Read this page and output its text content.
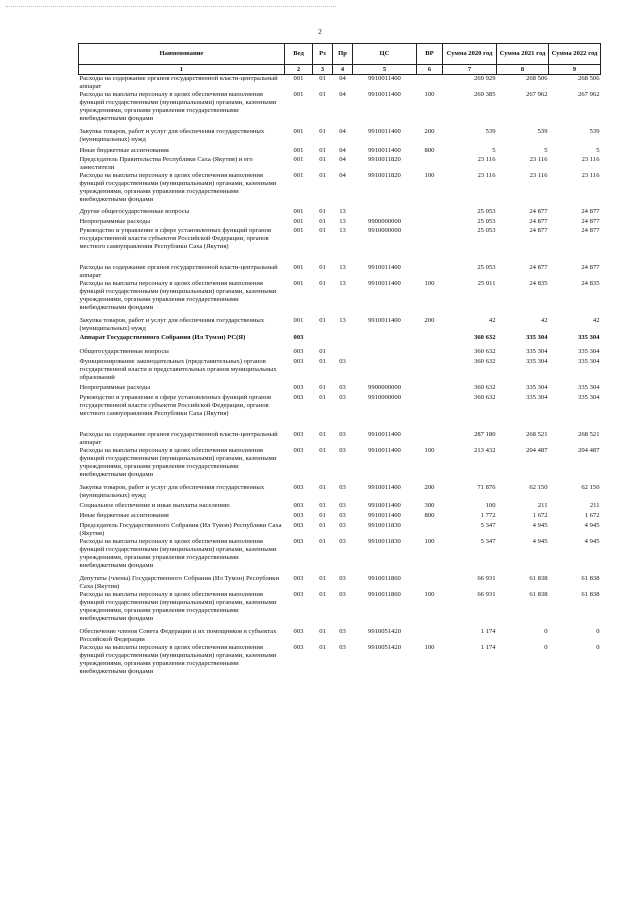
2
Наименование	Вед	Рз	Пр	ЦС	ВР	Сумма 2020 год	Сумма 2021 год	Сумма 2022 год
1	2	3	4	5	6	7	8	9
Расходы на содержание органов государственной власти-центральный аппарат	001	01	04	9910011400		269 929	268 506	268 506
Расходы на выплаты персоналу в целях обеспечения выполнения функций государственными (муниципальными) органами, казенными учреждениями, органами управления государственными внебюджетными фондами	001	01	04	9910011400	100	269 385	267 962	267 962
Закупка товаров, работ и услуг для обеспечения государственных (муниципальных) нужд	001	01	04	9910011400	200	539	539	539
Иные бюджетные ассигнования	001	01	04	9910011400	800	5	5	5
Председатель Правительства Республики Саха (Якутия) и его заместители	001	01	04	9910011820		23 116	23 116	23 116
Расходы на выплаты персоналу в целях обеспечения выполнения функций государственными (муниципальными) органами, казенными учреждениями, органами управления государственными внебюджетными фондами	001	01	04	9910011820	100	23 116	23 116	23 116
Другие общегосударственные вопросы	001	01	13			25 053	24 877	24 877
Непрограммные расходы	001	01	13	9900000000		25 053	24 877	24 877
Руководство и управление в сфере установленных функций органов государственной власти субъектов Российской Федерации, органов местного самоуправления Республики Саха (Якутия)	001	01	13	9910000000		25 053	24 877	24 877
Расходы на содержание органов государственной власти-центральный аппарат	001	01	13	9910011400		25 053	24 877	24 877
Расходы на выплаты персоналу в целях обеспечения выполнения функций государственными (муниципальными) органами, казенными учреждениями, органами управления государственными внебюджетными фондами	001	01	13	9910011400	100	25 011	24 835	24 835
Закупка товаров, работ и услуг для обеспечения государственных (муниципальных) нужд	001	01	13	9910011400	200	42	42	42
Аппарат Государственного Собрания (Ил Тумэн) РС(Я)	003					360 632	335 304	335 304
Общегосударственные вопросы	003	01				360 632	335 304	335 304
Функционирование законодательных (представительных) органов государственной власти и представительных органов муниципальных образований	003	01	03			360 632	335 304	335 304
Непрограммные расходы	003	01	03	9900000000		360 632	335 304	335 304
Руководство и управление в сфере установленных функций органов государственной власти субъектов Российской Федерации, органов местного самоуправления Республики Саха (Якутия)	003	01	03	9910000000		360 632	335 304	335 304
Расходы на содержание органов государственной власти-центральный аппарат	003	01	03	9910011400		287 180	268 521	268 521
Расходы на выплаты персоналу в целях обеспечения выполнения функций государственными (муниципальными) органами, казенными учреждениями, органами управления государственными внебюджетными фондами	003	01	03	9910011400	100	213 432	204 487	204 487
Закупка товаров, работ и услуг для обеспечения государственных (муниципальных) нужд	003	01	03	9910011400	200	71 876	62 150	62 150
Социальное обеспечение и иные выплаты населению	003	01	03	9910011400	300	100	211	211
Иные бюджетные ассигнования	003	01	03	9910011400	800	1 772	1 672	1 672
Председатель Государственного Собрания (Ил Тумэн) Республики Саха (Якутия)	003	01	03	9910011830		5 347	4 945	4 945
Расходы на выплаты персоналу в целях обеспечения выполнения функций государственными (муниципальными) органами, казенными учреждениями, органами управления государственными внебюджетными фондами	003	01	03	9910011830	100	5 347	4 945	4 945
Депутаты (члены) Государственного Собрания (Ил Тумэн) Республики Саха (Якутия)	003	01	03	9910011860		66 931	61 838	61 838
Расходы на выплаты персоналу в целях обеспечения выполнения функций государственными (муниципальными) органами, казенными учреждениями, органами управления государственными внебюджетными фондами	003	01	03	9910011860	100	66 931	61 838	61 838
Обеспечение членов Совета Федерации и их помощников в субъектах Российской Федерации	003	01	03	9910051420		1 174	0	0
Расходы на выплаты персоналу в целях обеспечения выполнения функций государственными (муниципальными) органами, казенными учреждениями, органами управления государственными внебюджетными фондами	003	01	03	9910051420	100	1 174	0	0
